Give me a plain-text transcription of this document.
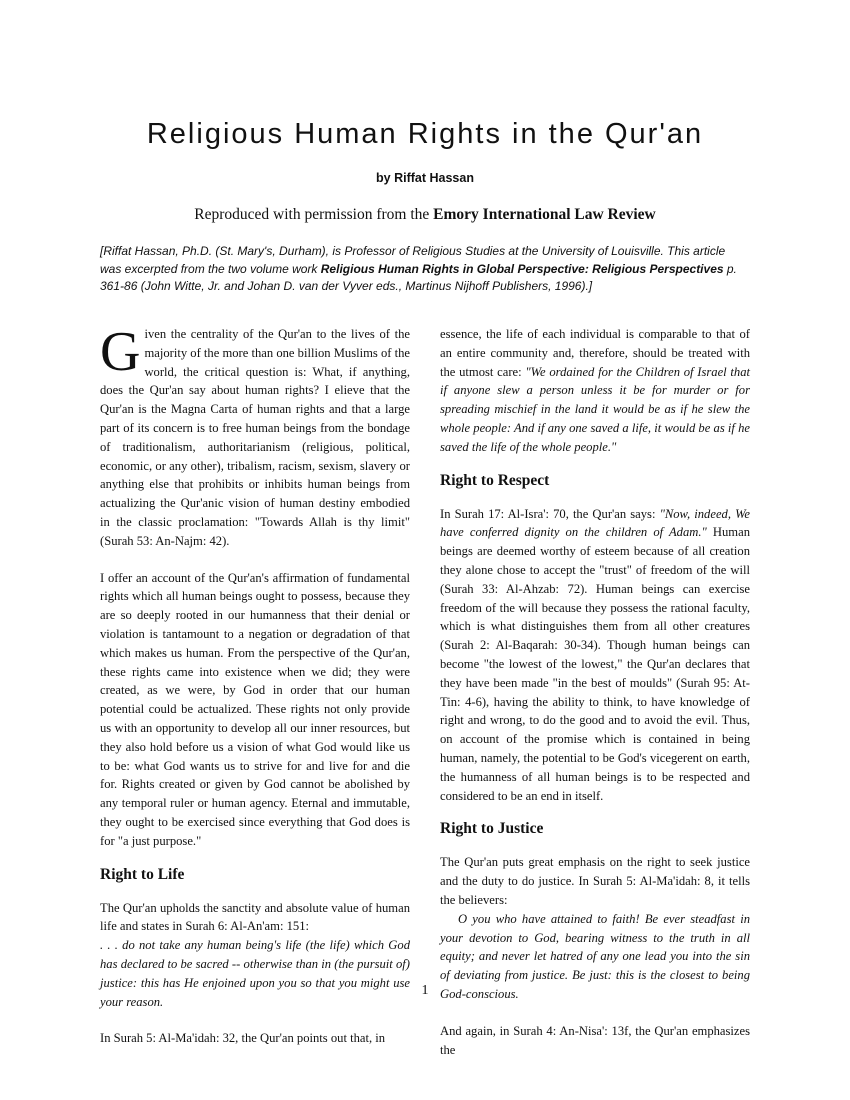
Religious Human Rights in the Qur'an
by Riffat Hassan
Reproduced with permission from the Emory International Law Review
[Riffat Hassan, Ph.D. (St. Mary's, Durham), is Professor of Religious Studies at the University of Louisville. This article was excerpted from the two volume work Religious Human Rights in Global Perspective: Religious Perspectives p. 361-86 (John Witte, Jr. and Johan D. van der Vyver eds., Martinus Nijhoff Publishers, 1996).]

Given the centrality of the Qur'an to the lives of the majority of the more than one billion Muslims of the world, the critical question is: What, if anything, does the Qur'an say about human rights? I elieve that the Qur'an is the Magna Carta of human rights and that a large part of its concern is to free human beings from the bondage of traditionalism, authoritarianism (religious, political, economic, or any other), tribalism, racism, sexism, slavery or anything else that prohibits or inhibits human beings from actualizing the Qur'anic vision of human destiny embodied in the classic proclamation: "Towards Allah is thy limit" (Surah 53: An-Najm: 42).

I offer an account of the Qur'an's affirmation of fundamental rights which all human beings ought to possess, because they are so deeply rooted in our humanness that their denial or violation is tantamount to a negation or degradation of that which makes us human. From the perspective of the Qur'an, these rights came into existence when we did; they were created, as we were, by God in order that our human potential could be actualized. These rights not only provide us with an opportunity to develop all our inner resources, but they also hold before us a vision of what God would like us to be: what God wants us to strive for and live for and die for. Rights created or given by God cannot be abolished by any temporal ruler or human agency. Eternal and immutable, they ought to be exercised since everything that God does is for "a just purpose."

Right to Life

The Qur'an upholds the sanctity and absolute value of human life and states in Surah 6: Al-An'am: 151:

. . . do not take any human being's life (the life) which God has declared to be sacred -- otherwise than in (the pursuit of) justice: this has He enjoined upon you so that you might use your reason.

In Surah 5: Al-Ma'idah: 32, the Qur'an points out that, in

essence, the life of each individual is comparable to that of an entire community and, therefore, should be treated with the utmost care: "We ordained for the Children of Israel that if anyone slew a person unless it be for murder or for spreading mischief in the land it would be as if he slew the whole people: And if any one saved a life, it would be as if he saved the life of the whole people."

Right to Respect

In Surah 17: Al-Isra': 70, the Qur'an says: "Now, indeed, We have conferred dignity on the children of Adam." Human beings are deemed worthy of esteem because of all creation they alone chose to accept the "trust" of freedom of the will (Surah 33: Al-Ahzab: 72). Human beings can exercise freedom of the will because they possess the rational faculty, which is what distinguishes them from all other creatures (Surah 2: Al-Baqarah: 30-34). Though human beings can become "the lowest of the lowest," the Qur'an declares that they have been made "in the best of moulds" (Surah 95: At-Tin: 4-6), having the ability to think, to have knowledge of right and wrong, to do the good and to avoid the evil. Thus, on account of the promise which is contained in being human, namely, the potential to be God's vicegerent on earth, the humanness of all human beings is to be respected and considered to be an end in itself.

Right to Justice

The Qur'an puts great emphasis on the right to seek justice and the duty to do justice. In Surah 5: Al-Ma'idah: 8, it tells the believers:

O you who have attained to faith! Be ever steadfast in your devotion to God, bearing witness to the truth in all equity; and never let hatred of any one lead you into the sin of deviating from justice. Be just: this is the closest to being God-conscious.

And again, in Surah 4: An-Nisa': 13f, the Qur'an emphasizes the

1
